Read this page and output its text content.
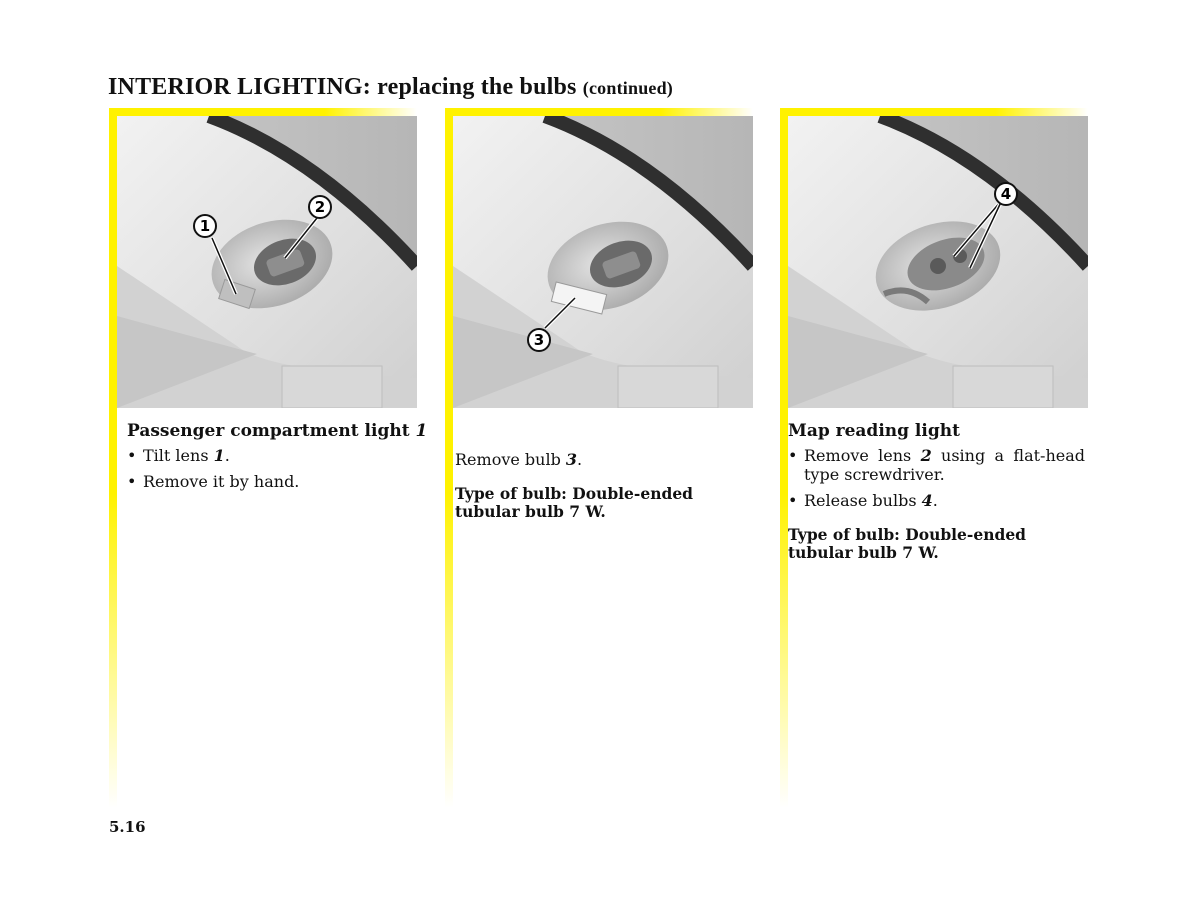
INTERIOR LIGHTING: replacing the bulbs (continued)
1
2

Passenger compartment light 1

• Tilt lens 1.
• Remove it by hand.
3

Remove bulb 3.

Type of bulb: Double-ended tubular bulb 7 W.

4

Map reading light

• Remove lens 2 using a flat-head type screwdriver.
• Release bulbs 4.

Type of bulb: Double-ended tubular bulb 7 W.

5.16
